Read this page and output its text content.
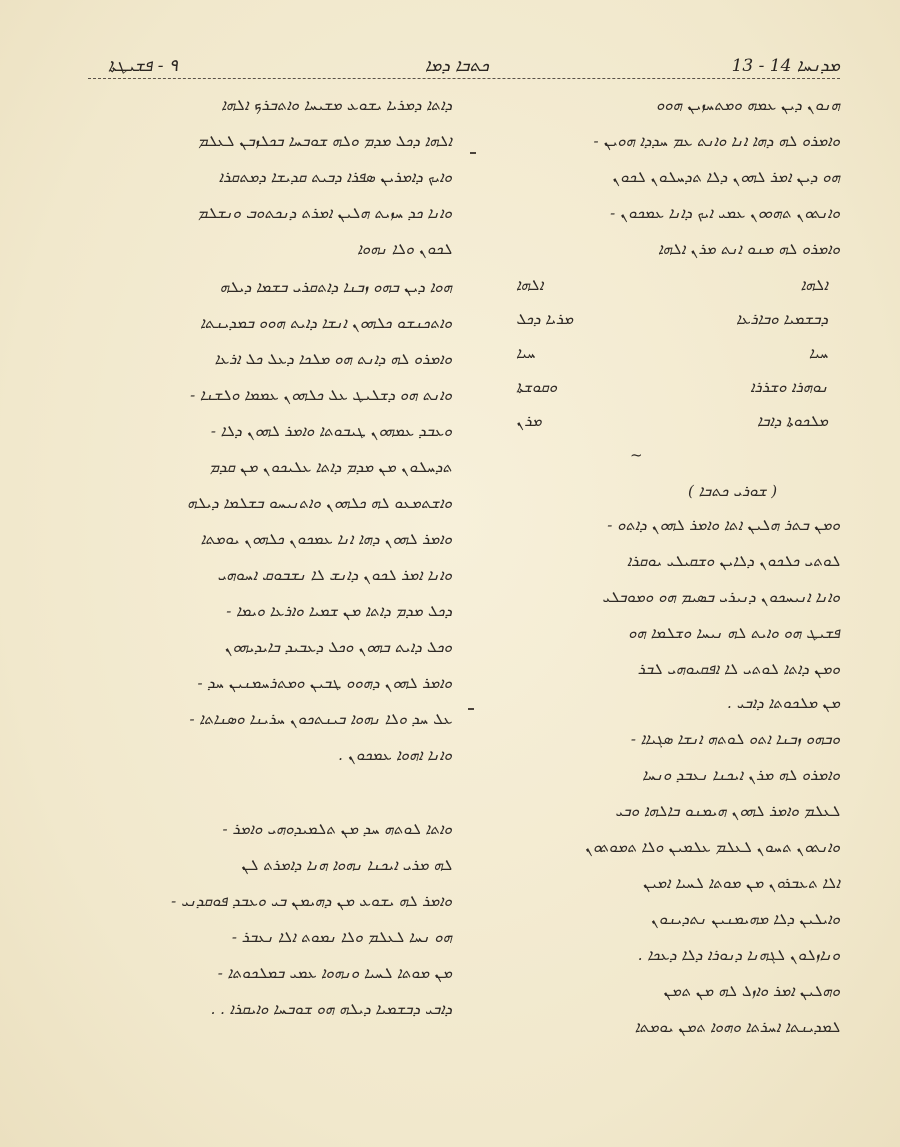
٩ - ܦܫܝܛܬܐ	ܟܬܒܐ ܕܡܐ	13 - 14 ܡܕܢܚܐ
ܕܐܬܐ ܕܡܪܝܐ ܝܫܘܥ ܡܫܝܚܐ ܘܐܬܒܪܟ ܐܠܗܐ
ܐܠܗܐ ܕܟܠ ܡܕܡ ܘܠܗ ܫܘܒܚܐ ܒܟܠܙܒܢ ܠܥܠܡ
ܘܐܝܟ ܕܐܡܪܝܢ ܣܦܪܐ ܕܒܝܬ ܩܕܝܫܐ ܕܡܬܩܪܐ
ܘܐܢܐ ܟܕ ܚܙܝܬ ܗܠܝܢ ܐܡܪܬ ܕܢܟܬܘܒ ܘܢܫܠܡ
ܠܟܘܢ ܘܠܐ ܢܗܘܐ
ܗܘܐ ܕܝܢ ܒܗܘ ܙܒܢܐ ܕܐܬܩܪܝ ܒܫܡܐ ܕܝܠܗ
ܘܐܬܟܢܫܘ ܟܠܗܘܢ ܐܢܫܐ ܕܐܝܬ ܗܘܘ ܒܡܕܝܢܬܐ
ܘܐܡܪܘ ܠܗ ܕܐܢܬ ܗܘ ܡܠܟܐ ܕܥܠ ܟܠ ܐܪܥܐ
ܘܐܢܬ ܗܘ ܕܫܠܝܛ ܥܠ ܟܠܗܘܢ ܥܡܡܐ ܘܠܫܢܐ -
ܘܥܒܕ ܥܡܗܘܢ ܛܝܒܘܬܐ ܘܐܡܪ ܠܗܘܢ ܕܠܐ -
ܬܕܚܠܘܢ ܡܢ ܡܕܡ ܕܐܬܐ ܥܠܝܟܘܢ ܡܢ ܩܕܡ
ܘܐܫܬܡܥܘ ܠܗ ܟܠܗܘܢ ܘܐܬܢܝܚܘ ܒܫܠܡܐ ܕܝܠܗ
ܘܐܡܪ ܠܗܘܢ ܕܗܐ ܐܢܐ ܥܡܟܘܢ ܟܠܗܘܢ ܝܘܡܬܐ
ܘܐܢܐ ܐܡܪ ܠܟܘܢ ܕܐܢܫ ܠܐ ܢܫܒܘܩ ܐܚܘܗܝ
ܕܟܠ ܡܕܡ ܕܐܬܐ ܡܢ ܫܡܝܐ ܘܐܪܥܐ ܘܝܡܐ -
ܘܟܠ ܕܐܝܬ ܒܗܘܢ ܘܟܠ ܕܥܒܝܕ ܒܐܝܕܝܗܘܢ
ܘܐܡܪ ܠܗܘܢ ܕܗܘܘ ܛܒܝܢ ܘܡܬܪܚܡܢܝܢ ܚܕ -
ܥܠ ܚܕ ܘܠܐ ܢܗܘܐ ܒܝܢܬܟܘܢ ܚܪܝܢܐ ܘܣܢܐܬܐ -
ܘܐܢܐ ܐܗܘܐ ܥܡܟܘܢ .
ܘܐܬܐ ܠܘܬܗ ܚܕ ܡܢ ܬܠܡܝܕܘܗܝ ܘܐܡܪ -
ܠܗ ܡܪܝ ܐܝܟܢܐ ܢܗܘܐ ܗܢܐ ܕܐܡܪܬ ܠܢ
ܘܐܡܪ ܠܗ ܝܫܘܥ ܡܢ ܕܗܝܡܢ ܒܝ ܘܥܒܕ ܦܘܩܕܢܝ -
ܗܘ ܢܚܐ ܠܥܠܡ ܘܠܐ ܢܡܘܬ ܐܠܐ ܢܥܒܪ -
ܡܢ ܡܘܬܐ ܠܚܝܐ ܘܢܗܘܐ ܥܡܝ ܒܡܠܟܘܬܐ -
ܕܐܒܝ ܕܒܫܡܝܐ ܕܝܠܗ ܗܘ ܫܘܒܚܐ ܘܐܝܩܪܐ . .
ܗܢܘܢ ܕܝܢ ܥܡܗ ܘܡܬܚܙܝܢ ܗܘܘ
ܘܐܡܪܘ ܠܗ ܕܗܐ ܐܢܐ ܘܐܢܬ ܥܡ ܚܕܕܐ ܗܘܝܢ -
ܗܘ ܕܝܢ ܐܡܪ ܠܗܘܢ ܕܠܐ ܬܕܚܠܘܢ ܠܟܘܢ
ܘܐܢܬܘܢ ܬܗܘܘܢ ܥܡܝ ܐܝܟ ܕܐܢܐ ܥܡܟܘܢ -
ܘܐܡܪܘ ܠܗ ܡܢܘ ܐܢܬ ܡܪܢ ܐܠܗܐ
ܐܠܗܐ
ܐܠܗܐ
ܕܒܫܡܝܐ ܘܒܐܪܥܐ
ܡܪܝܐ ܕܟܠ
ܚܝܐ
ܚܝܐ
ܢܘܗܪܐ ܘܫܪܪܐ
ܘܩܘܫܬܐ
ܡܠܟܘܬܐ ܕܐܒܐ
ܡܪܢ
~
( ܫܘܪܝ ܟܬܒܐ )
ܘܡܢ ܒܬܪ ܗܠܝܢ ܐܬܐ ܘܐܡܪ ܠܗܘܢ ܕܐܬܘ -
ܠܘܬܝ ܟܠܟܘܢ ܕܠܐܝܢ ܘܫܩܝܠܝ ܝܘܩܪܐ
ܘܐܢܐ ܐܢܝܚܟܘܢ ܕܢܝܪܝ ܒܣܝܡ ܗܘ ܘܡܘܒܠܝ
ܦܫܝܛ ܗܘ ܘܐܝܬ ܠܗ ܢܝܚܐ ܘܫܠܡܐ ܗܘ
ܘܡܢ ܕܐܬܐ ܠܘܬܝ ܠܐ ܐܦܩܝܘܗܝ ܠܒܪ
ܡܢ ܡܠܟܘܬܐ ܕܐܒܝ .
ܘܒܗܘ ܙܒܢܐ ܐܬܘ ܠܘܬܗ ܐܢܫܐ ܣܓܝܐܐ -
ܘܐܡܪܘ ܠܗ ܡܪܢ ܐܝܟܢܐ ܢܥܒܕ ܘܢܚܐ
ܠܥܠܡ ܘܐܡܪ ܠܗܘܢ ܗܝܡܢܘ ܒܐܠܗܐ ܘܒܝ
ܘܐܢܬܘܢ ܬܚܘܢ ܠܥܠܡ ܥܠܡܝܢ ܘܠܐ ܬܡܘܬܘܢ
ܐܠܐ ܬܥܒܪܘܢ ܡܢ ܡܘܬܐ ܠܚܝܐ ܐܡܝܢ
ܘܐܝܠܝܢ ܕܠܐ ܡܗܝܡܢܝܢ ܢܬܕܝܢܘܢ
ܘܢܐܙܠܘܢ ܠܓܗܢܐ ܕܢܘܪܐ ܕܠܐ ܕܥܟܐ .
ܘܗܠܝܢ ܐܡܪ ܘܐܙܠ ܠܗ ܡܢ ܬܡܢ
ܠܡܕܝܢܬܐ ܐܚܪܬܐ ܘܗܘܐ ܬܡܢ ܝܘܡܬܐ
